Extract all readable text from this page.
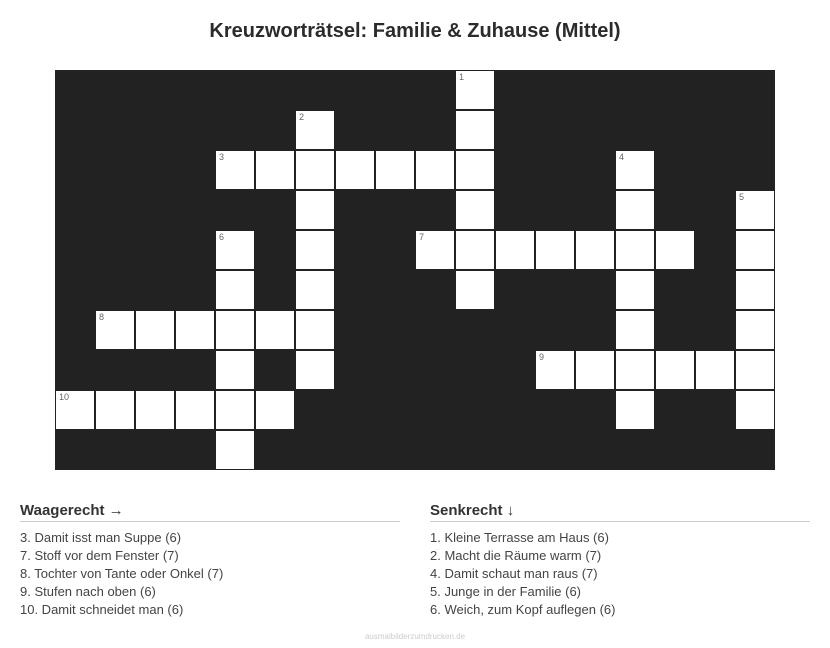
Kreuzworträtsel: Familie & Zuhause (Mittel)
1
2
3	4
5
6	7
8
9
10
Waagerecht →
3. Damit isst man Suppe (6)
7. Stoff vor dem Fenster (7)
8. Tochter von Tante oder Onkel (7)
9. Stufen nach oben (6)
10. Damit schneidet man (6)
Senkrecht ↓
1. Kleine Terrasse am Haus (6)
2. Macht die Räume warm (7)
4. Damit schaut man raus (7)
5. Junge in der Familie (6)
6. Weich, zum Kopf auflegen (6)
ausmalbilderzumdrucken.de
